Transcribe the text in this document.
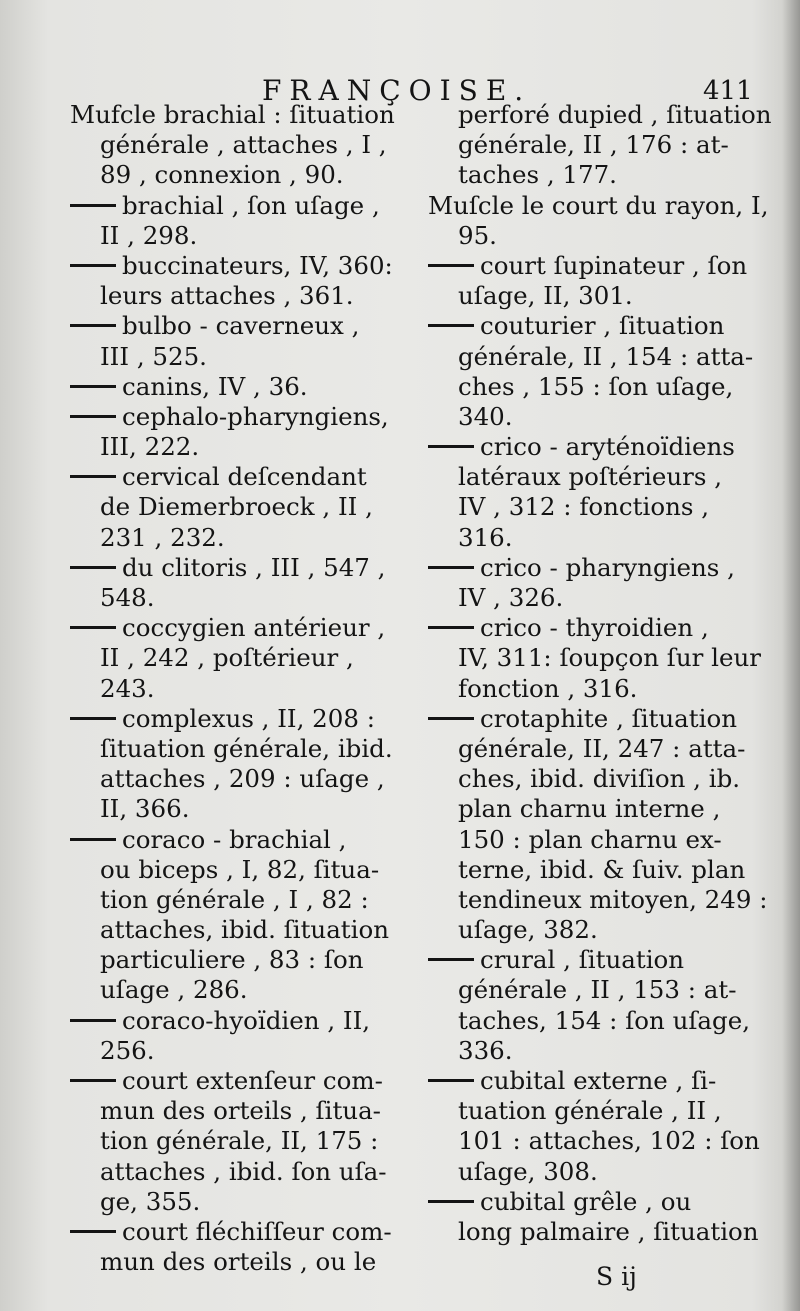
FRANÇOISE.	411
Mufcle brachial : ſituation
générale , attaches , I ,
89 , connexion , 90.
brachial , ſon uſage ,
II , 298.
buccinateurs, IV, 360:
leurs attaches , 361.
bulbo - caverneux ,
III , 525.
canins, IV , 36.
cephalo-pharyngiens,
III, 222.
cervical deſcendant
de Diemerbroeck , II ,
231 , 232.
du clitoris , III , 547 ,
548.
coccygien antérieur ,
II , 242 , poſtérieur ,
243.
complexus , II, 208 :
ſituation générale, ibid.
attaches , 209 : uſage ,
II, 366.
coraco - brachial ,
ou biceps , I, 82, ſitua-
tion générale , I , 82 :
attaches, ibid. ſituation
particuliere , 83 : ſon
uſage , 286.
coraco-hyoïdien , II,
256.
court extenſeur com-
mun des orteils , ſitua-
tion générale, II, 175 :
attaches , ibid. ſon uſa-
ge, 355.
court fléchiſſeur com-
mun des orteils , ou le
perforé dupied , ſituation
générale, II , 176 : at-
taches , 177.
Muſcle le court du rayon, I,
95.
court ſupinateur , ſon
uſage, II, 301.
couturier , ſituation
générale, II , 154 : atta-
ches , 155 : ſon uſage,
340.
crico - aryténoïdiens
latéraux poſtérieurs ,
IV , 312 : fonctions ,
316.
crico - pharyngiens ,
IV , 326.
crico - thyroidien ,
IV, 311: ſoupçon ſur leur
fonction , 316.
crotaphite , ſituation
générale, II, 247 : atta-
ches, ibid. diviſion , ib.
plan charnu interne ,
150 : plan charnu ex-
terne, ibid. & ſuiv. plan
tendineux mitoyen, 249 :
uſage, 382.
crural , ſituation
générale , II , 153 : at-
taches, 154 : ſon uſage,
336.
cubital externe , ſi-
tuation générale , II ,
101 : attaches, 102 : ſon
uſage, 308.
cubital grêle , ou
long palmaire , ſituation
S ij
